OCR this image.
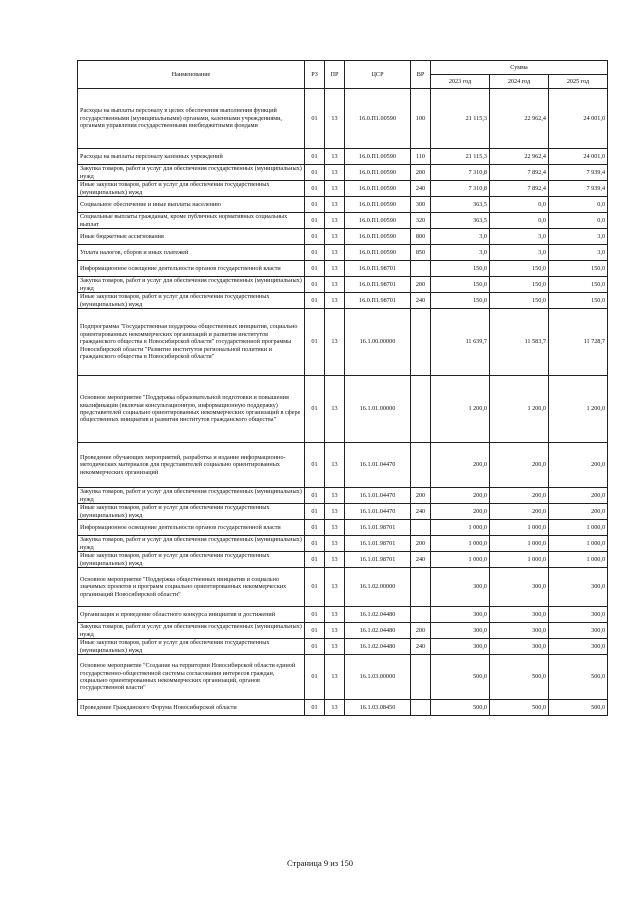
Наименование	РЗ	ПР	ЦСР	ВР	Сумма		
					2023 год	2024 год	2025 год
Расходы на выплаты персоналу в целях обеспечения выполнения функций государственными (муниципальными) органами, казенными учреждениями, органами управления государственными внебюджетными фондами	01	13	16.0.П1.00590	100	21 115,3	22 962,4	24 001,0
Расходы на выплаты персоналу казенных учреждений	01	13	16.0.П1.00590	110	21 115,3	22 962,4	24 001,0
Закупка товаров, работ и услуг для обеспечения государственных (муниципальных) нужд	01	13	16.0.П1.00590	200	7 310,8	7 892,4	7 939,4
Иные закупки товаров, работ и услуг для обеспечения государственных (муниципальных) нужд	01	13	16.0.П1.00590	240	7 310,8	7 892,4	7 939,4
Социальное обеспечение и иные выплаты населению	01	13	16.0.П1.00590	300	363,5	0,0	0,0
Социальные выплаты гражданам, кроме публичных нормативных социальных выплат	01	13	16.0.П1.00590	320	363,5	0,0	0,0
Иные бюджетные ассигнования	01	13	16.0.П1.00590	800	3,0	3,0	3,0
Уплата налогов, сборов и иных платежей	01	13	16.0.П1.00590	850	3,0	3,0	3,0
Информационное освещение деятельности органов государственной власти	01	13	16.0.П1.98701		150,0	150,0	150,0
Закупка товаров, работ и услуг для обеспечения государственных (муниципальных) нужд	01	13	16.0.П1.98701	200	150,0	150,0	150,0
Иные закупки товаров, работ и услуг для обеспечения государственных (муниципальных) нужд	01	13	16.0.П1.98701	240	150,0	150,0	150,0
Подпрограмма "Государственная поддержка общественных инициатив, социально ориентированных некоммерческих организаций и развития институтов гражданского общества в Новосибирской области" государственной программы Новосибирской области "Развитие институтов региональной политики и гражданского общества в Новосибирской области"	01	13	16.1.00.00000		11 639,7	11 583,7	11 728,7
Основное мероприятие "Поддержка образовательной подготовки и повышения квалификации (включая консультационную, информационную поддержку) представителей социально ориентированных некоммерческих организаций в сфере общественных инициатив и развития институтов гражданского общества"	01	13	16.1.01.00000		1 200,0	1 200,0	1 200,0
Проведение обучающих мероприятий, разработка и издание информационно-методических материалов для представителей социально ориентированных некоммерческих организаций	01	13	16.1.01.04470		200,0	200,0	200,0
Закупка товаров, работ и услуг для обеспечения государственных (муниципальных) нужд	01	13	16.1.01.04470	200	200,0	200,0	200,0
Иные закупки товаров, работ и услуг для обеспечения государственных (муниципальных) нужд	01	13	16.1.01.04470	240	200,0	200,0	200,0
Информационное освещение деятельности органов государственной власти	01	13	16.1.01.98701		1 000,0	1 000,0	1 000,0
Закупка товаров, работ и услуг для обеспечения государственных (муниципальных) нужд	01	13	16.1.01.98701	200	1 000,0	1 000,0	1 000,0
Иные закупки товаров, работ и услуг для обеспечения государственных (муниципальных) нужд	01	13	16.1.01.98701	240	1 000,0	1 000,0	1 000,0
Основное мероприятие "Поддержка общественных инициатив и социально значимых проектов и программ социально ориентированных некоммерческих организаций Новосибирской области"	01	13	16.1.02.00000		300,0	300,0	300,0
Организация и проведение областного конкурса инициатив и достижений	01	13	16.1.02.04480		300,0	300,0	300,0
Закупка товаров, работ и услуг для обеспечения государственных (муниципальных) нужд	01	13	16.1.02.04480	200	300,0	300,0	300,0
Иные закупки товаров, работ и услуг для обеспечения государственных (муниципальных) нужд	01	13	16.1.02.04480	240	300,0	300,0	300,0
Основное мероприятие "Создание на территории Новосибирской области единой государственно-общественной системы согласования интересов граждан, социально ориентированных некоммерческих организаций, органов государственной власти"	01	13	16.1.03.00000		500,0	500,0	500,0
Проведение Гражданского Форума Новосибирской области	01	13	16.1.03.08450		500,0	500,0	500,0
Страница 9 из 150
